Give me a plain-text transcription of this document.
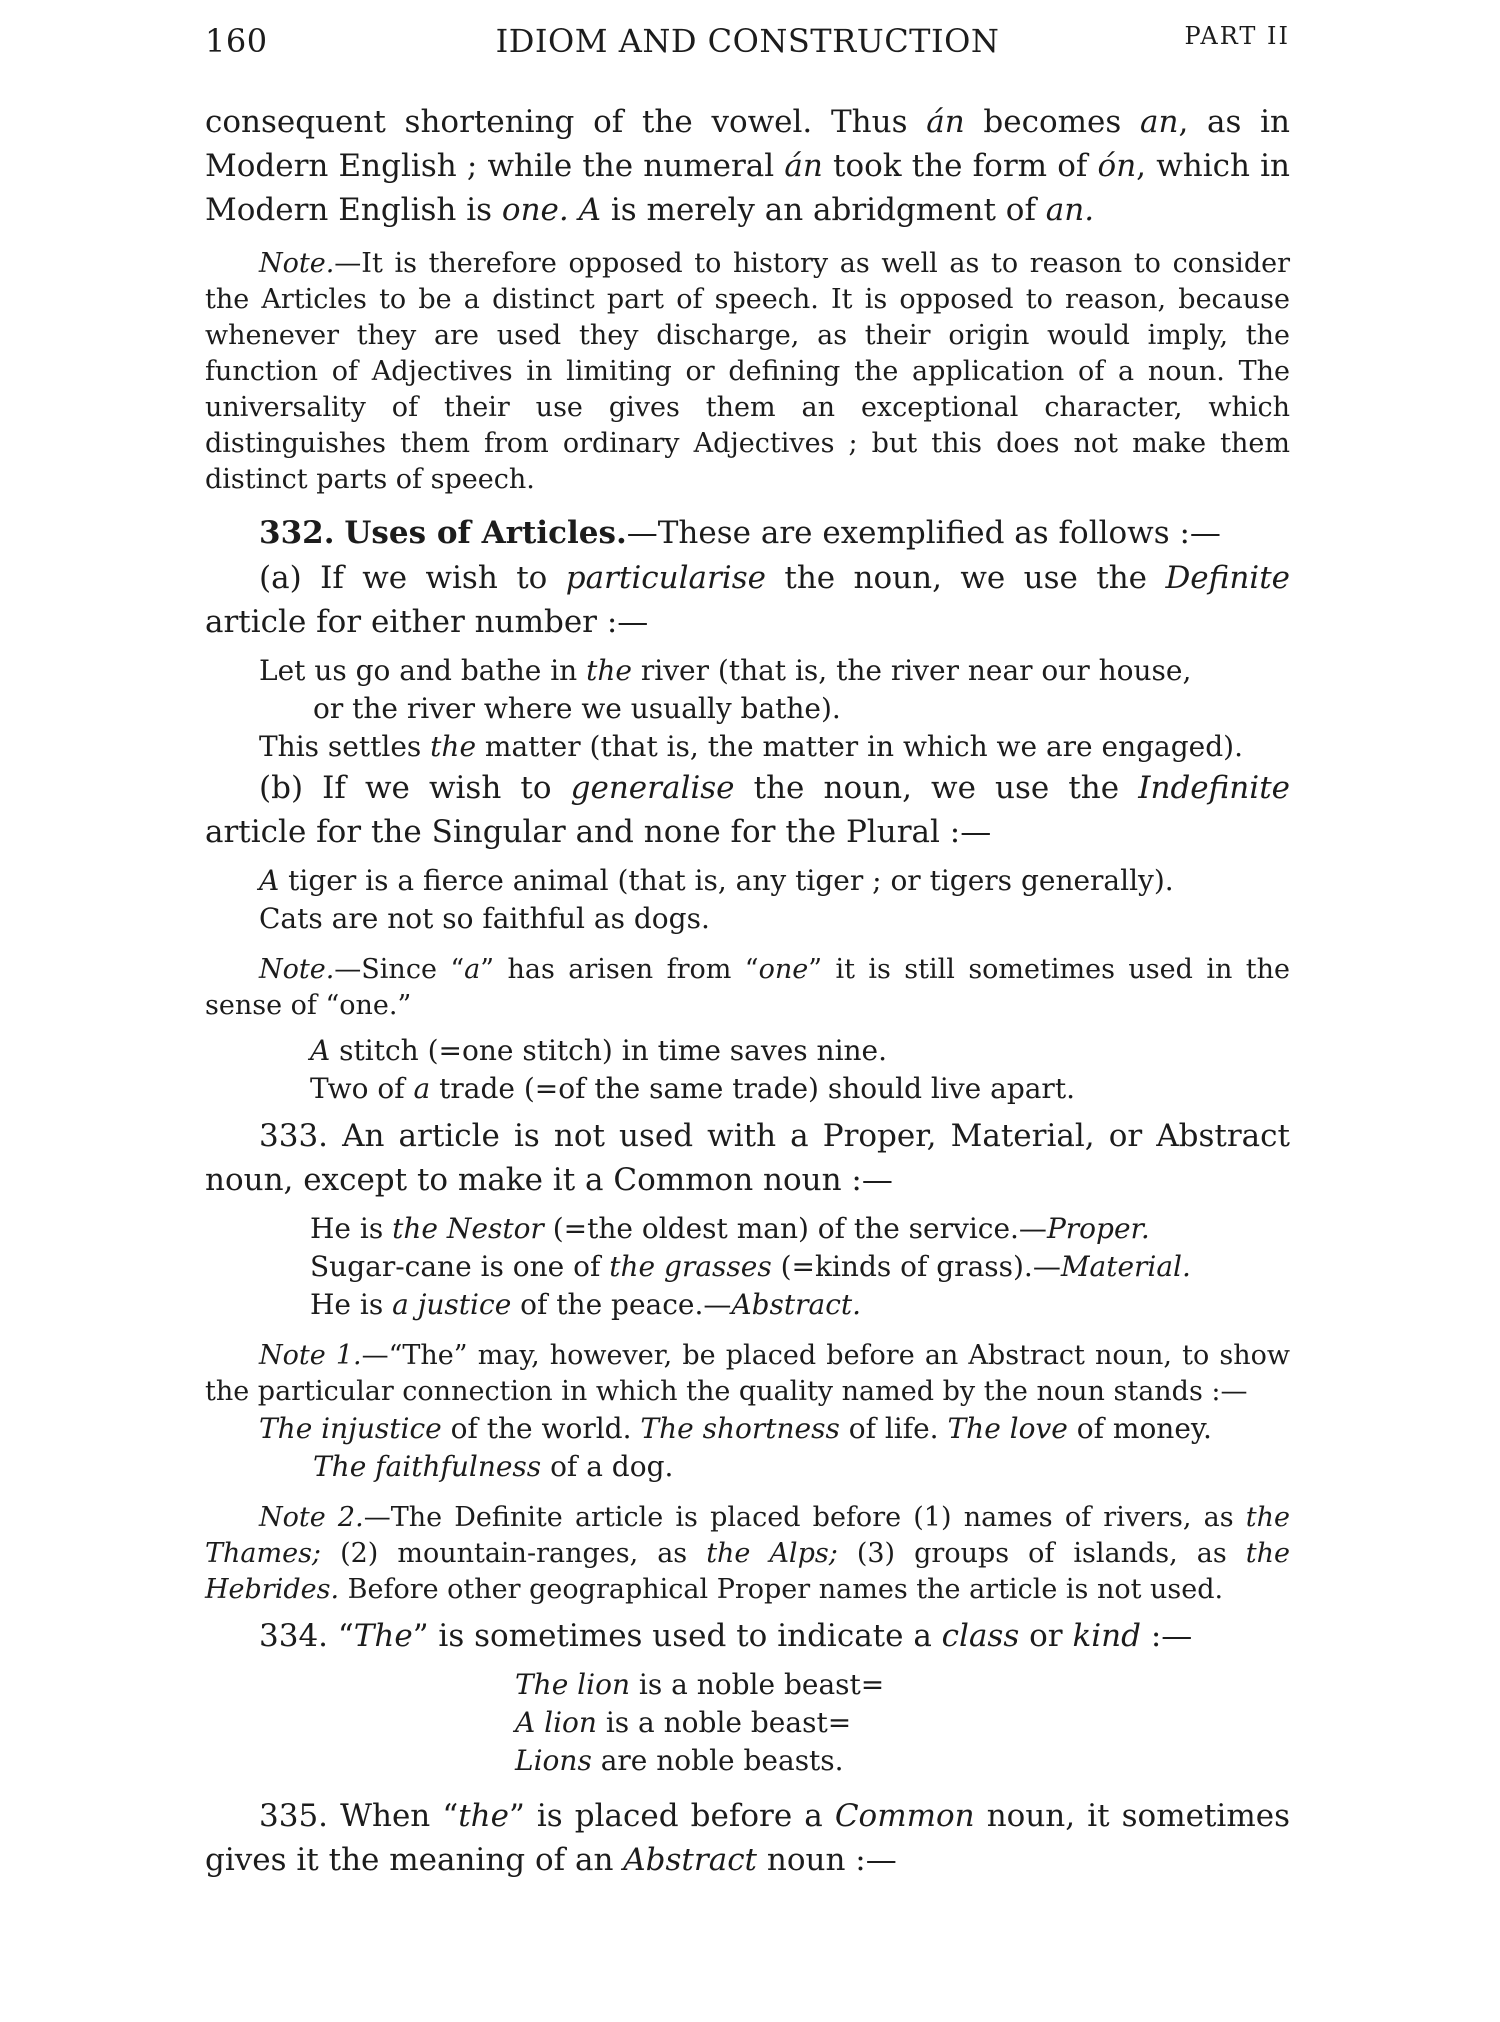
160	IDIOM AND CONSTRUCTION	PART II

consequent shortening of the vowel. Thus án becomes an, as in Modern English ; while the numeral án took the form of ón, which in Modern English is one. A is merely an abridgment of an.

Note.—It is therefore opposed to history as well as to reason to consider the Articles to be a distinct part of speech. It is opposed to reason, because whenever they are used they discharge, as their origin would imply, the function of Adjectives in limiting or defining the application of a noun. The universality of their use gives them an exceptional character, which distinguishes them from ordinary Adjectives ; but this does not make them distinct parts of speech.

332. Uses of Articles.—These are exemplified as follows :—

(a) If we wish to particularise the noun, we use the Definite article for either number :—

Let us go and bathe in the river (that is, the river near our house,

or the river where we usually bathe).

This settles the matter (that is, the matter in which we are engaged).

(b) If we wish to generalise the noun, we use the Indefinite article for the Singular and none for the Plural :—

A tiger is a fierce animal (that is, any tiger ; or tigers generally).

Cats are not so faithful as dogs.

Note.—Since “a” has arisen from “one” it is still sometimes used in the sense of “one.”

A stitch (=one stitch) in time saves nine.

Two of a trade (=of the same trade) should live apart.

333. An article is not used with a Proper, Material, or Abstract noun, except to make it a Common noun :—

He is the Nestor (=the oldest man) of the service.—Proper.

Sugar-cane is one of the grasses (=kinds of grass).—Material.

He is a justice of the peace.—Abstract.

Note 1.—“The” may, however, be placed before an Abstract noun, to show the particular connection in which the quality named by the noun stands :—

The injustice of the world. The shortness of life. The love of money.

The faithfulness of a dog.

Note 2.—The Definite article is placed before (1) names of rivers, as the Thames; (2) mountain-ranges, as the Alps; (3) groups of islands, as the Hebrides. Before other geographical Proper names the article is not used.

334. “The” is sometimes used to indicate a class or kind :—

The lion is a noble beast=

A lion is a noble beast=

Lions are noble beasts.

335. When “the” is placed before a Common noun, it sometimes gives it the meaning of an Abstract noun :—
